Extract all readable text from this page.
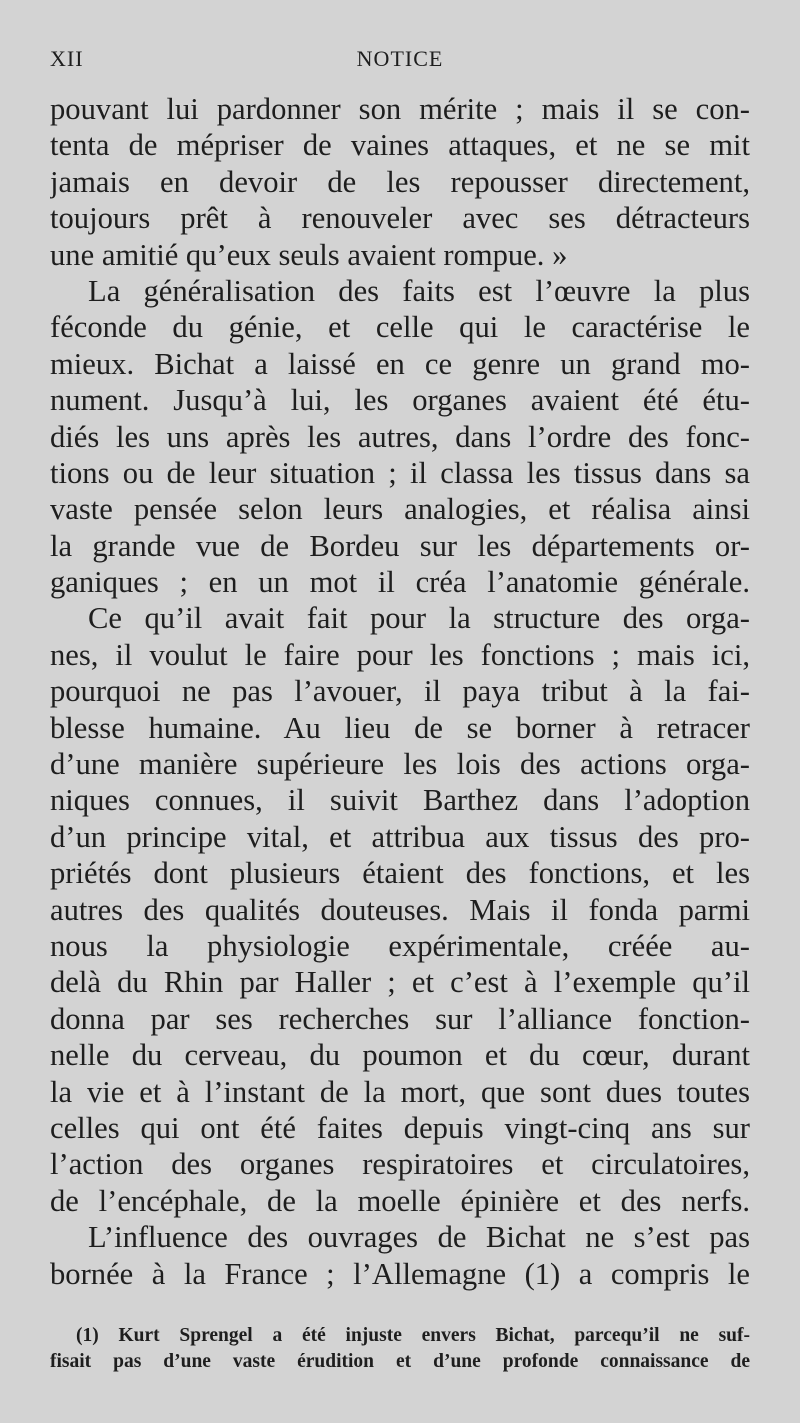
XII	NOTICE
pouvant lui pardonner son mérite ; mais il se con-
tenta de mépriser de vaines attaques, et ne se mit
jamais en devoir de les repousser directement,
toujours prêt à renouveler avec ses détracteurs
une amitié qu’eux seuls avaient rompue. »
La généralisation des faits est l’œuvre la plus
féconde du génie, et celle qui le caractérise le
mieux. Bichat a laissé en ce genre un grand mo-
nument. Jusqu’à lui, les organes avaient été étu-
diés les uns après les autres, dans l’ordre des fonc-
tions ou de leur situation ; il classa les tissus dans sa
vaste pensée selon leurs analogies, et réalisa ainsi
la grande vue de Bordeu sur les départements or-
ganiques ; en un mot il créa l’anatomie générale.
Ce qu’il avait fait pour la structure des orga-
nes, il voulut le faire pour les fonctions ; mais ici,
pourquoi ne pas l’avouer, il paya tribut à la fai-
blesse humaine. Au lieu de se borner à retracer
d’une manière supérieure les lois des actions orga-
niques connues, il suivit Barthez dans l’adoption
d’un principe vital, et attribua aux tissus des pro-
priétés dont plusieurs étaient des fonctions, et les
autres des qualités douteuses. Mais il fonda parmi
nous la physiologie expérimentale, créée au-
delà du Rhin par Haller ; et c’est à l’exemple qu’il
donna par ses recherches sur l’alliance fonction-
nelle du cerveau, du poumon et du cœur, durant
la vie et à l’instant de la mort, que sont dues toutes
celles qui ont été faites depuis vingt-cinq ans sur
l’action des organes respiratoires et circulatoires,
de l’encéphale, de la moelle épinière et des nerfs.
L’influence des ouvrages de Bichat ne s’est pas
bornée à la France ; l’Allemagne (1) a compris le
(1) Kurt Sprengel a été injuste envers Bichat, parcequ’il ne suf-
fisait pas d’une vaste érudition et d’une profonde connaissance de
